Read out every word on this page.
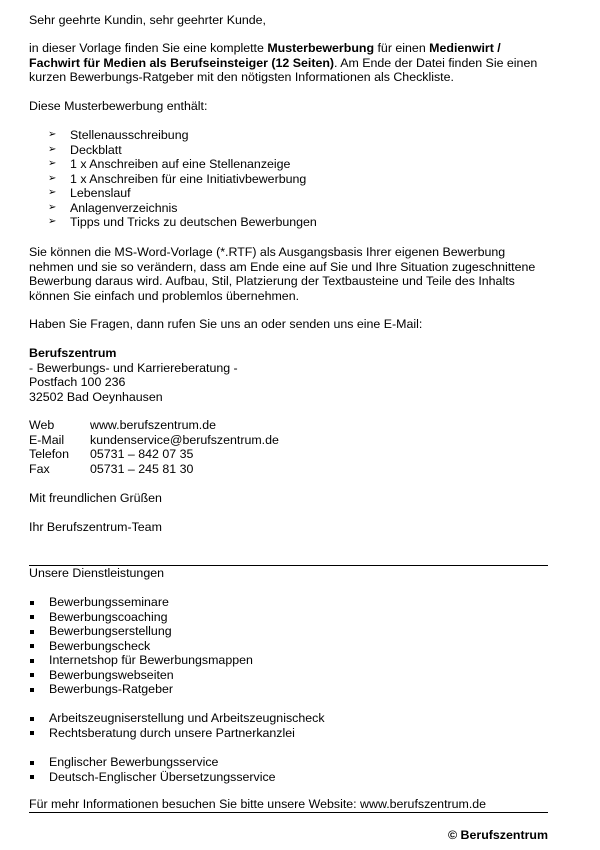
Sehr geehrte Kundin, sehr geehrter Kunde,

in dieser Vorlage finden Sie eine komplette Musterbewerbung für einen Medienwirt / Fachwirt für Medien als Berufseinsteiger (12 Seiten). Am Ende der Datei finden Sie einen kurzen Bewerbungs-Ratgeber mit den nötigsten Informationen als Checkliste.

Diese Musterbewerbung enthält:

➢	Stellenausschreibung
➢	Deckblatt
➢	1 x Anschreiben auf eine Stellenanzeige
➢	1 x Anschreiben für eine Initiativbewerbung
➢	Lebenslauf
➢	Anlagenverzeichnis
➢	Tipps und Tricks zu deutschen Bewerbungen

Sie können die MS-Word-Vorlage (*.RTF) als Ausgangsbasis Ihrer eigenen Bewerbung nehmen und sie so verändern, dass am Ende eine auf Sie und Ihre Situation zugeschnittene Bewerbung daraus wird. Aufbau, Stil, Platzierung der Textbausteine und Teile des Inhalts können Sie einfach und problemlos übernehmen.

Haben Sie Fragen, dann rufen Sie uns an oder senden uns eine E-Mail:

Berufszentrum
- Bewerbungs- und Karriereberatung -
Postfach 100 236
32502 Bad Oeynhausen
Web	www.berufszentrum.de
E-Mail	kundenservice@berufszentrum.de
Telefon	05731 – 842 07 35
Fax	05731 – 245 81 30

Mit freundlichen Grüßen

Ihr Berufszentrum-Team

Unsere Dienstleistungen

Bewerbungsseminare
Bewerbungscoaching
Bewerbungserstellung
Bewerbungscheck
Internetshop für Bewerbungsmappen
Bewerbungswebseiten
Bewerbungs-Ratgeber
Arbeitszeugniserstellung und Arbeitszeugnischeck
Rechtsberatung durch unsere Partnerkanzlei
Englischer Bewerbungsservice
Deutsch-Englischer Übersetzungsservice

Für mehr Informationen besuchen Sie bitte unsere Website: www.berufszentrum.de

© Berufszentrum
